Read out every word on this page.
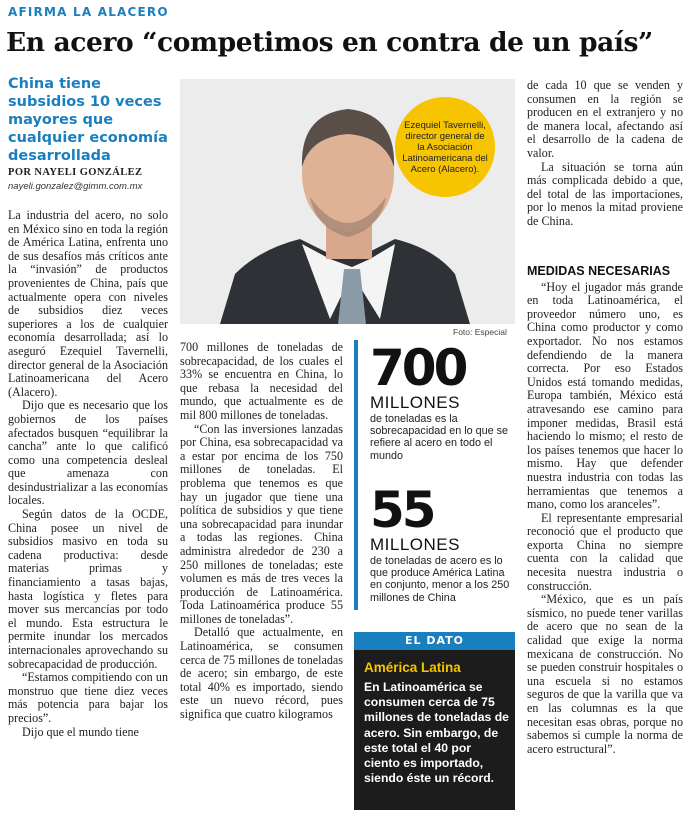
AFIRMA LA ALACERO
En acero “competimos en contra de un país”
China tiene subsidios 10 veces mayores que cualquier economía desarrollada
POR NAYELI GONZÁLEZ
nayeli.gonzalez@gimm.com.mx

La industria del acero, no solo en México sino en toda la región de América Latina, enfrenta uno de sus desafíos más críticos ante la “invasión” de productos provenientes de China, país que actualmente opera con niveles de subsidios diez veces superiores a los de cualquier economía desarrollada; así lo aseguró Ezequiel Tavernelli, director general de la Asociación Latinoamericana del Acero (Alacero).

Dijo que es necesario que los gobiernos de los países afectados busquen “equilibrar la cancha” ante lo que calificó como una competencia desleal que amenaza con desindustrializar a las economías locales.

Según datos de la OCDE, China posee un nivel de subsidios masivo en toda su cadena productiva: desde materias primas y financiamiento a tasas bajas, hasta logística y fletes para mover sus mercancías por todo el mundo. Esta estructura le permite inundar los mercados internacionales aprovechando su sobrecapacidad de producción.

“Estamos compitiendo con un monstruo que tiene diez veces más potencia para bajar los precios”.

Dijo que el mundo tiene

Ezequiel Tavernelli, director general de la Asociación Latinoamericana del Acero (Alacero).
Foto: Especial

700 millones de toneladas de sobrecapacidad, de los cuales el 33% se encuentra en China, lo que rebasa la necesidad del mundo, que actualmente es de mil 800 millones de toneladas.

“Con las inversiones lanzadas por China, esa sobrecapacidad va a estar por encima de los 750 millones de toneladas. El problema que tenemos es que hay un jugador que tiene una política de subsidios y que tiene una sobrecapacidad para inundar a todas las regiones. China administra alrededor de 230 a 250 millones de toneladas; este volumen es más de tres veces la producción de Latinoamérica. Toda Latinoamérica produce 55 millones de toneladas”.

Detalló que actualmente, en Latinoamérica, se consumen cerca de 75 millones de toneladas de acero; sin embargo, de este total 40% es importado, siendo este un nuevo récord, pues significa que cuatro kilogramos

700
MILLONES
de toneladas es la sobrecapacidad en lo que se refiere al acero en todo el mundo
55
MILLONES
de toneladas de acero es lo que produce América Latina en conjunto, menor a los 250 millones de China
EL DATO
América Latina
En Latinoamérica se consumen cerca de 75 millones de toneladas de acero. Sin embargo, de este total el 40 por ciento es importado, siendo éste un récord.

de cada 10 que se venden y consumen en la región se producen en el extranjero y no de manera local, afectando así el desarrollo de la cadena de valor.

La situación se torna aún más complicada debido a que, del total de las importaciones, por lo menos la mitad proviene de China.

MEDIDAS NECESARIAS

“Hoy el jugador más grande en toda Latinoamérica, el proveedor número uno, es China como productor y como exportador. No nos estamos defendiendo de la manera correcta. Por eso Estados Unidos está tomando medidas, Europa también, México está atravesando ese camino para imponer medidas, Brasil está haciendo lo mismo; el resto de los países tenemos que hacer lo mismo. Hay que defender nuestra industria con todas las herramientas que tenemos a mano, como los aranceles”.

El representante empresarial reconoció que el producto que exporta China no siempre cuenta con la calidad que necesita nuestra industria o construcción.

“México, que es un país sísmico, no puede tener varillas de acero que no sean de la calidad que exige la norma mexicana de construcción. No se pueden construir hospitales o una escuela si no estamos seguros de que la varilla que va en las columnas es la que necesitan esas obras, porque no sabemos si cumple la norma de acero estructural”.
